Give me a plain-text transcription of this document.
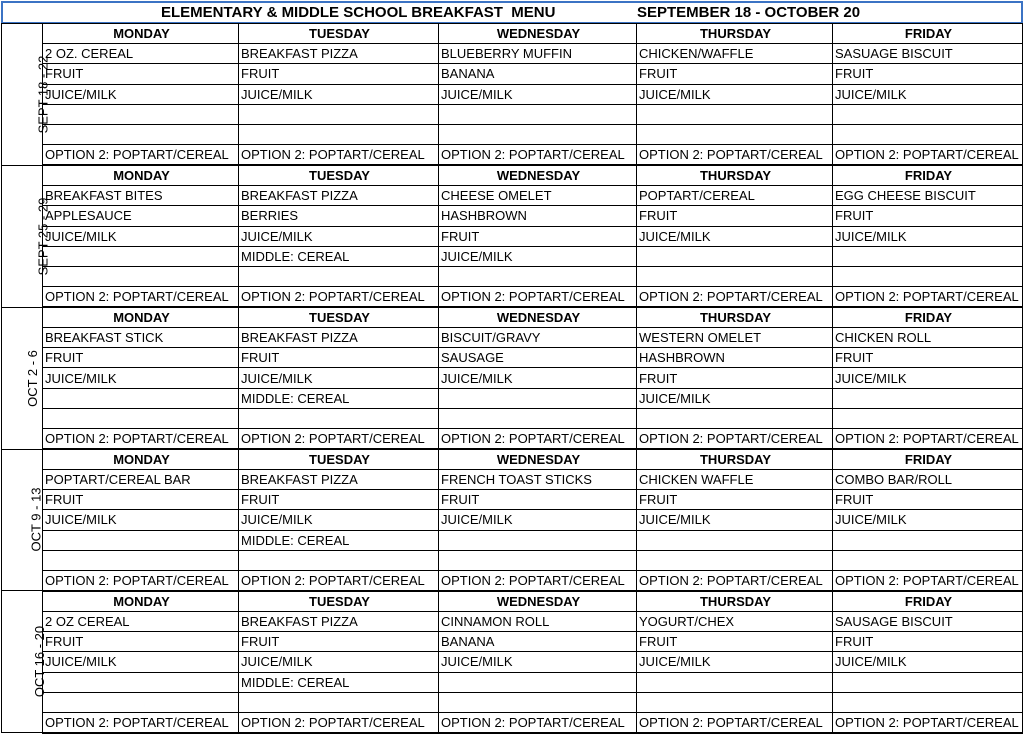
ELEMENTARY & MIDDLE SCHOOL BREAKFAST  MENU	SEPTEMBER 18 - OCTOBER 20
SEPT 18 - 22	MONDAY	TUESDAY	WEDNESDAY	THURSDAY	FRIDAY
	2 OZ. CEREAL	BREAKFAST PIZZA	BLUEBERRY MUFFIN	CHICKEN/WAFFLE	SASUAGE BISCUIT
	FRUIT	FRUIT	BANANA	FRUIT	FRUIT
	JUICE/MILK	JUICE/MILK	JUICE/MILK	JUICE/MILK	JUICE/MILK

	OPTION 2: POPTART/CEREAL	OPTION 2: POPTART/CEREAL	OPTION 2: POPTART/CEREAL	OPTION 2: POPTART/CEREAL	OPTION 2: POPTART/CEREAL
SEPT 25 - 29	MONDAY	TUESDAY	WEDNESDAY	THURSDAY	FRIDAY
	BREAKFAST BITES	BREAKFAST PIZZA	CHEESE OMELET	POPTART/CEREAL	EGG CHEESE BISCUIT
	APPLESAUCE	BERRIES	HASHBROWN	FRUIT	FRUIT
	JUICE/MILK	JUICE/MILK	FRUIT	JUICE/MILK	JUICE/MILK
		MIDDLE: CEREAL	JUICE/MILK		

	OPTION 2: POPTART/CEREAL	OPTION 2: POPTART/CEREAL	OPTION 2: POPTART/CEREAL	OPTION 2: POPTART/CEREAL	OPTION 2: POPTART/CEREAL
OCT 2 - 6	MONDAY	TUESDAY	WEDNESDAY	THURSDAY	FRIDAY
	BREAKFAST STICK	BREAKFAST PIZZA	BISCUIT/GRAVY	WESTERN OMELET	CHICKEN ROLL
	FRUIT	FRUIT	SAUSAGE	HASHBROWN	FRUIT
	JUICE/MILK	JUICE/MILK	JUICE/MILK	FRUIT	JUICE/MILK
		MIDDLE: CEREAL		JUICE/MILK	

	OPTION 2: POPTART/CEREAL	OPTION 2: POPTART/CEREAL	OPTION 2: POPTART/CEREAL	OPTION 2: POPTART/CEREAL	OPTION 2: POPTART/CEREAL
OCT 9 - 13	MONDAY	TUESDAY	WEDNESDAY	THURSDAY	FRIDAY
	POPTART/CEREAL BAR	BREAKFAST PIZZA	FRENCH TOAST STICKS	CHICKEN WAFFLE	COMBO BAR/ROLL
	FRUIT	FRUIT	FRUIT	FRUIT	FRUIT
	JUICE/MILK	JUICE/MILK	JUICE/MILK	JUICE/MILK	JUICE/MILK
		MIDDLE: CEREAL			

	OPTION 2: POPTART/CEREAL	OPTION 2: POPTART/CEREAL	OPTION 2: POPTART/CEREAL	OPTION 2: POPTART/CEREAL	OPTION 2: POPTART/CEREAL
OCT 16 - 20	MONDAY	TUESDAY	WEDNESDAY	THURSDAY	FRIDAY
	2 OZ CEREAL	BREAKFAST PIZZA	CINNAMON ROLL	YOGURT/CHEX	SAUSAGE BISCUIT
	FRUIT	FRUIT	BANANA	FRUIT	FRUIT
	JUICE/MILK	JUICE/MILK	JUICE/MILK	JUICE/MILK	JUICE/MILK
		MIDDLE: CEREAL			

	OPTION 2: POPTART/CEREAL	OPTION 2: POPTART/CEREAL	OPTION 2: POPTART/CEREAL	OPTION 2: POPTART/CEREAL	OPTION 2: POPTART/CEREAL
